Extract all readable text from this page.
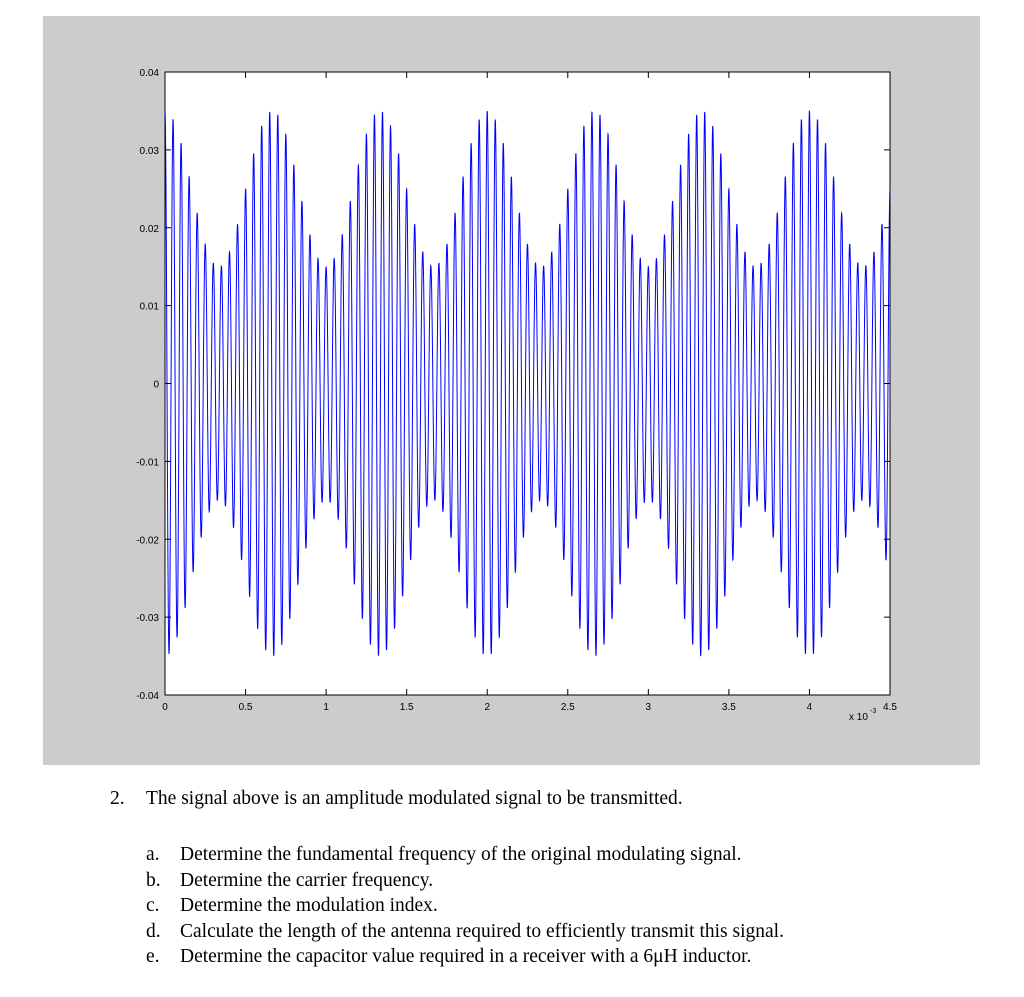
0	0.5	1	1.5	2	2.5	3	3.5	4	4.5
0.04
0.03
0.02
0.01
0
-0.01
-0.02
-0.03
-0.04
x 10
-3
2.	The signal above is an amplitude modulated signal to be transmitted.
a.	Determine the fundamental frequency of the original modulating signal.
b. Determine the carrier frequency.
c.	Determine the modulation index.
d. Calculate the length of the antenna required to efficiently transmit this signal.
e.	Determine the capacitor value required in a receiver with a 6μH inductor.
